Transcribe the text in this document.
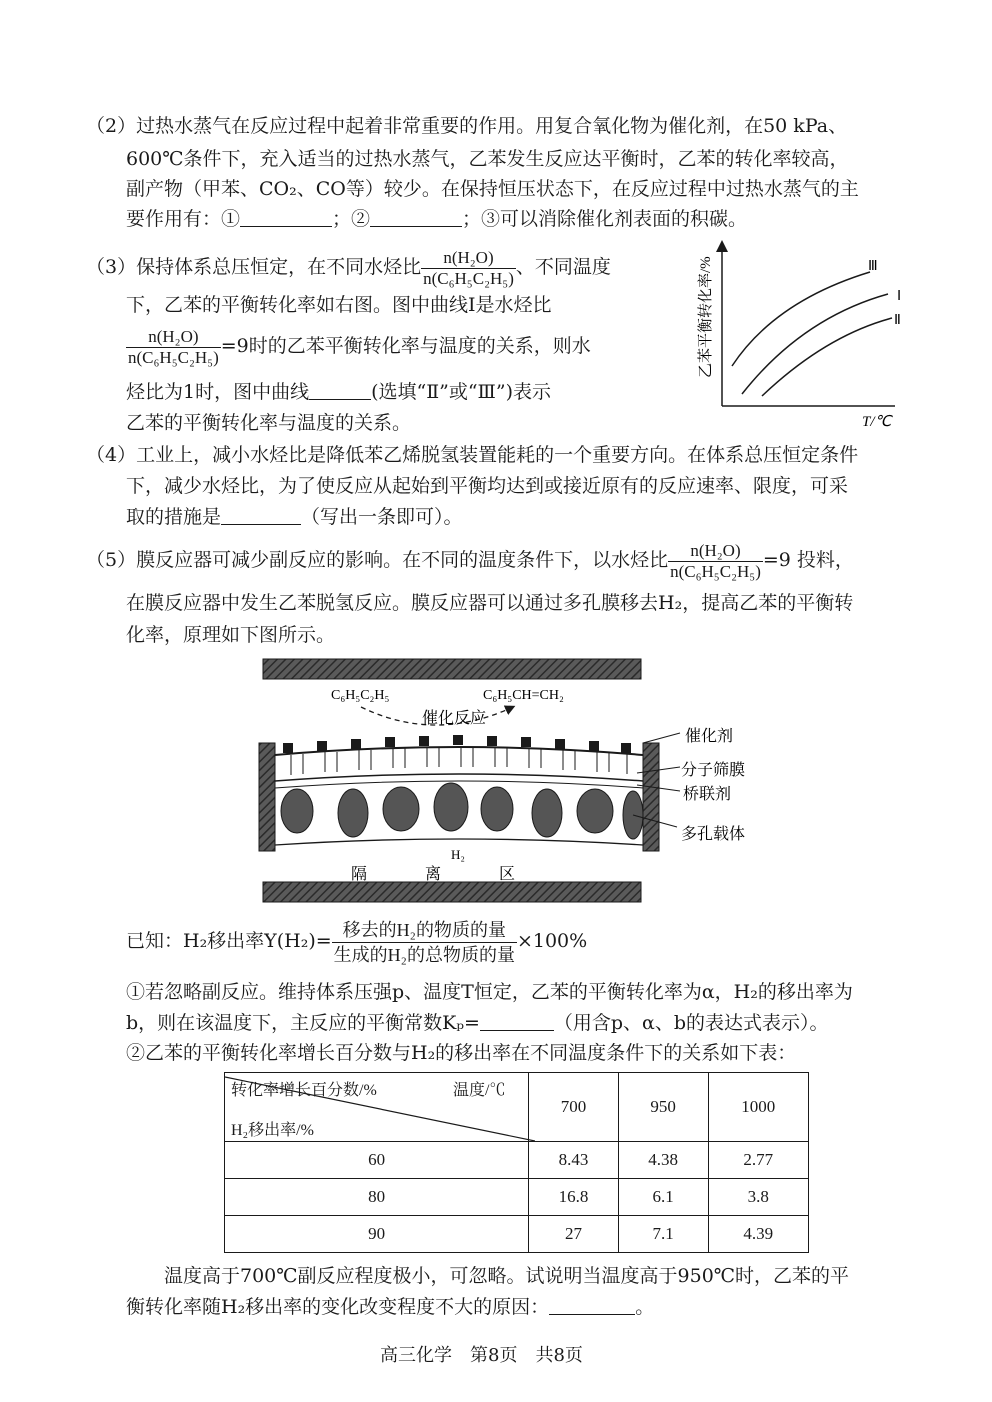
（2）过热水蒸气在反应过程中起着非常重要的作用。用复合氧化物为催化剂，在50 kPa、
600℃条件下，充入适当的过热水蒸气，乙苯发生反应达平衡时，乙苯的转化率较高，
副产物（甲苯、CO₂、CO等）较少。在保持恒压状态下，在反应过程中过热水蒸气的主
要作用有：①	；②	；③可以消除催化剂表面的积碳。
（3）保持体系总压恒定，在不同水烃比 $\frac{\text{n(H₂O)}}{\text{n(C₆H₅C₂H₅)}}$ 、不同温度
下，乙苯的平衡转化率如右图。图中曲线Ⅰ是水烃比
$\frac{\text{n(H₂O)}}{\text{n(C₆H₅C₂H₅)}} =9$时的乙苯平衡转化率与温度的关系，则水
烃比为1时，图中曲线	(选填“Ⅱ”或“Ⅲ”)表示
乙苯的平衡转化率与温度的关系。
乙苯平衡转化率/%
T/℃
Ⅲ
Ⅰ
Ⅱ
（4）工业上，减小水烃比是降低苯乙烯脱氢装置能耗的一个重要方向。在体系总压恒定条件
下，减少水烃比，为了使反应从起始到平衡均达到或接近原有的反应速率、限度，可采
取的措施是	（写出一条即可）。
（5）膜反应器可减少副反应的影响。在不同的温度条件下，以水烃比 $\frac{\text{n(H₂O)}}{\text{n(C₆H₅C₂H₅)}} =9$ 投料，
在膜反应器中发生乙苯脱氢反应。膜反应器可以通过多孔膜移去H₂，提高乙苯的平衡转
化率，原理如下图所示。
C₆H₅C₂H₅	C₆H₅CH=CH₂
催化反应
H₂
隔	离	区
催化剂
分子筛膜
桥联剂
多孔载体
已知：H₂移出率$Y(H_2)= \frac{\text{移去的H₂的物质的量}}{\text{生成的H₂的总物质的量}} \times 100\%$
①若忽略副反应。维持体系压强p、温度T恒定，乙苯的平衡转化率为α，H₂的移出率为
b，则在该温度下，主反应的平衡常数Kₚ=	（用含p、α、b的表达式表示）。
②乙苯的平衡转化率增长百分数与H₂的移出率在不同温度条件下的关系如下表：
转化率增长百分数/% 温度/℃
H₂移出率/%	700	950	1000
60	8.43	4.38	2.77
80	16.8	6.1	3.8
90	27	7.1	4.39
温度高于700℃副反应程度极小，可忽略。试说明当温度高于950℃时，乙苯的平
衡转化率随H₂移出率的变化改变程度不大的原因：	。
高三化学　第8页　共8页
